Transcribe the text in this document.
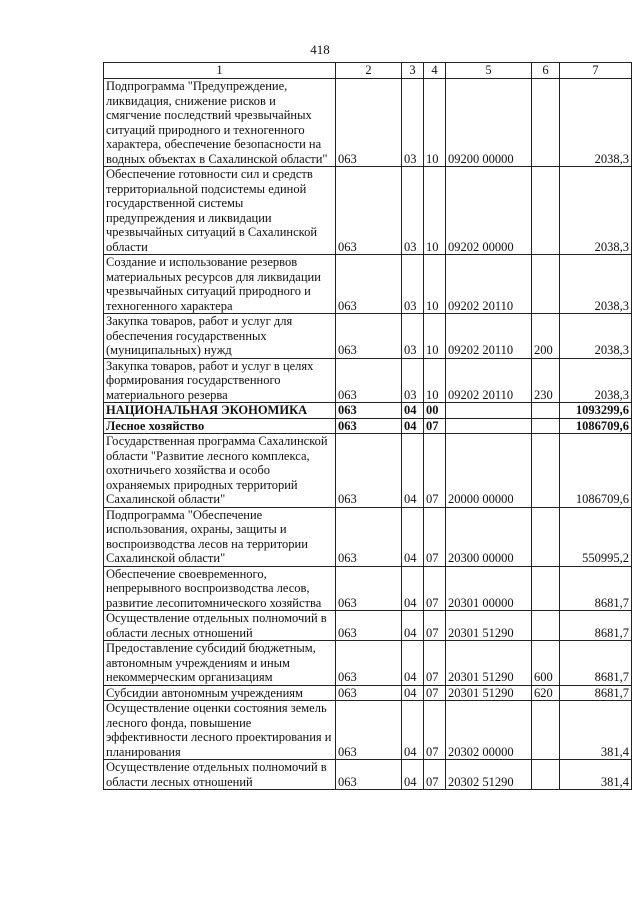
418
1	2	3	4	5	6	7
Подпрограмма "Предупреждение, ликвидация, снижение рисков и смягчение последствий чрезвычайных ситуаций природного и техногенного характера, обеспечение безопасности на водных объектах в Сахалинской области"	063	03	10	09200 00000		2038,3
Обеспечение готовности сил и средств территориальной подсистемы единой государственной системы предупреждения и ликвидации чрезвычайных ситуаций в Сахалинской области	063	03	10	09202 00000		2038,3
Создание и использование резервов материальных ресурсов для ликвидации чрезвычайных ситуаций природного и техногенного характера	063	03	10	09202 20110		2038,3
Закупка товаров, работ и услуг для обеспечения государственных (муниципальных) нужд	063	03	10	09202 20110	200	2038,3
Закупка товаров, работ и услуг в целях формирования государственного материального резерва	063	03	10	09202 20110	230	2038,3
НАЦИОНАЛЬНАЯ ЭКОНОМИКА	063	04	00			1093299,6
Лесное хозяйство	063	04	07			1086709,6
Государственная программа Сахалинской области "Развитие лесного комплекса, охотничьего хозяйства и особо охраняемых природных территорий Сахалинской области"	063	04	07	20000 00000		1086709,6
Подпрограмма "Обеспечение использования, охраны, защиты и воспроизводства лесов на территории Сахалинской области"	063	04	07	20300 00000		550995,2
Обеспечение своевременного, непрерывного воспроизводства лесов, развитие лесопитомнического хозяйства	063	04	07	20301 00000		8681,7
Осуществление отдельных полномочий в области лесных отношений	063	04	07	20301 51290		8681,7
Предоставление субсидий бюджетным, автономным учреждениям и иным некоммерческим организациям	063	04	07	20301 51290	600	8681,7
Субсидии автономным учреждениям	063	04	07	20301 51290	620	8681,7
Осуществление оценки состояния земель лесного фонда, повышение эффективности лесного проектирования и планирования	063	04	07	20302 00000		381,4
Осуществление отдельных полномочий в области лесных отношений	063	04	07	20302 51290		381,4
